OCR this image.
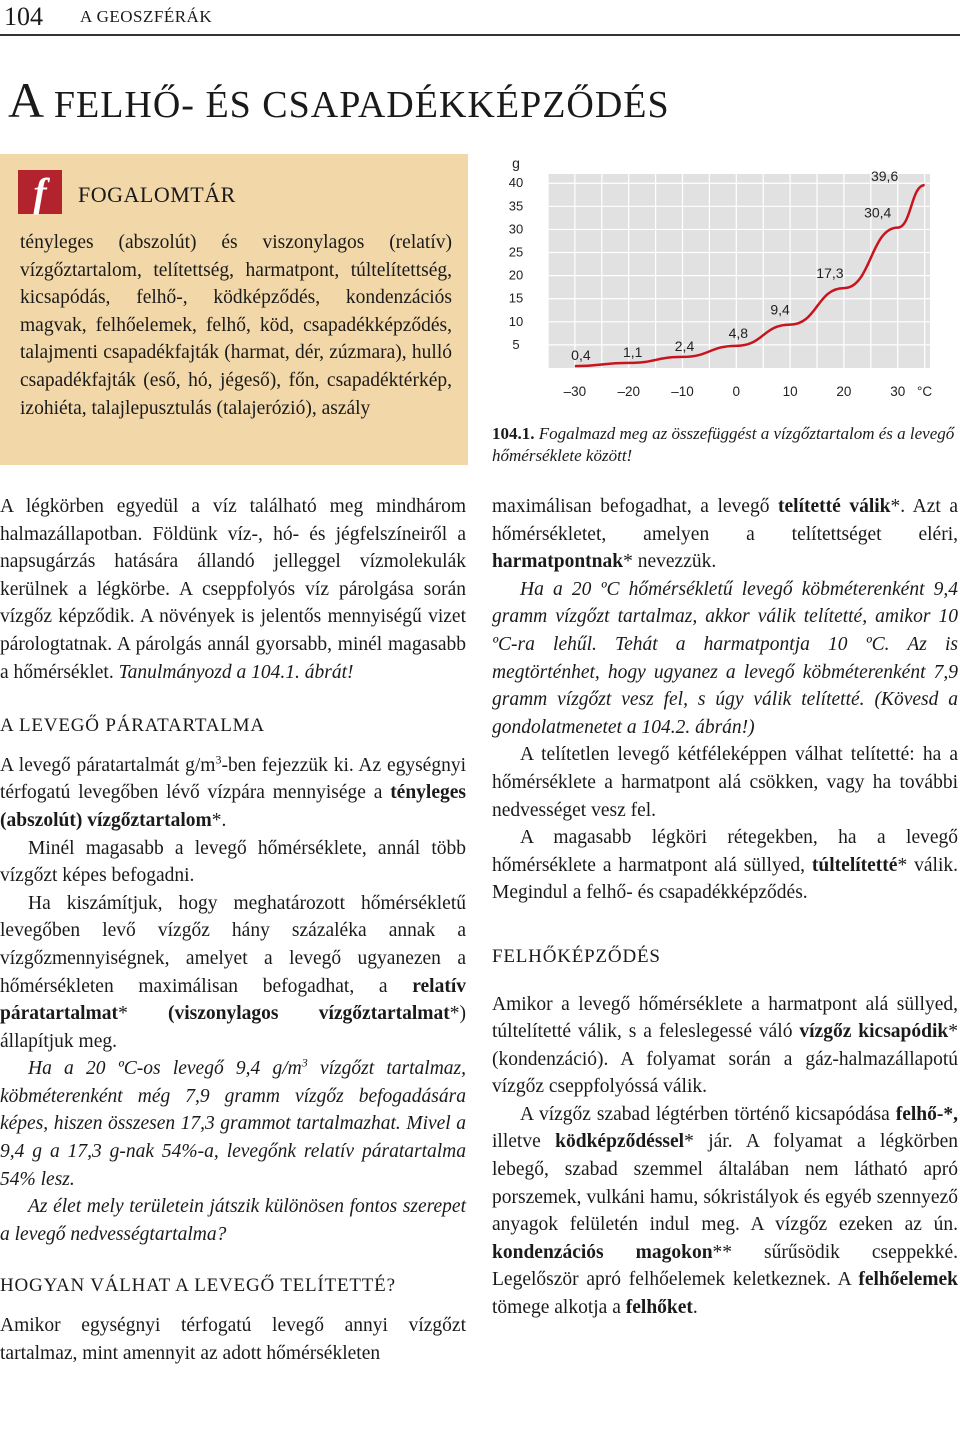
104 A GEOSZFÉRÁK
A FELHŐ- ÉS CSAPADÉKKÉPZŐDÉS
f	FOGALOMTÁR
tényleges (abszolút) és viszonylagos (relatív) vízgőztartalom, telítettség, harmatpont, túltelítettség, kicsapódás, felhő-, ködképződés, kondenzációs magvak, felhőelemek, felhő, köd, csapadékképződés, talajmenti csapadékfajták (harmat, dér, zúzmara), hulló csapadékfajták (eső, hó, jégeső), főn, csapadéktérkép, izohiéta, talajlepusztulás (talajerózió), aszály
5
10
15
20
25
30
35
40
g
–30 –20 –10	0	10	20	30 °C
0,4 1,1 2,4
4,8
9,4
17,3
30,4
39,6
104.1. Fogalmazd meg az összefüggést a vízgőztartalom és a levegő hőmérséklete között!

A légkörben egyedül a víz található meg mindhárom halmazállapotban. Földünk víz-, hó- és jégfelszíneiről a napsugárzás hatására állandó jelleggel vízmolekulák kerülnek a légkörbe. A cseppfolyós víz párolgása során vízgőz képződik. A növények is jelentős mennyiségű vizet párologtatnak. A párolgás annál gyorsabb, minél magasabb a hőmérséklet. Tanulmányozd a 104.1. ábrát!

A LEVEGŐ PÁRATARTALMA

A levegő páratartalmát $g/m^3$-ben fejezzük ki. Az egységnyi térfogatú levegőben lévő vízpára mennyisége a tényleges (abszolút) vízgőztartalom*.

Minél magasabb a levegő hőmérséklete, annál több vízgőzt képes befogadni.

Ha kiszámítjuk, hogy meghatározott hőmérsékletű levegőben levő vízgőz hány százaléka annak a vízgőzmennyiségnek, amelyet a levegő ugyanezen a hőmérsékleten maximálisan befogadhat, a relatív páratartalmat* (viszonylagos vízgőztartalmat*) állapítjuk meg.

Ha a 20 ºC-os levegő 9,4 $g/m^3$ vízgőzt tartalmaz, köbméterenként még 7,9 gramm vízgőz befogadására képes, hiszen összesen 17,3 grammot tartalmazhat. Mivel a 9,4 g a 17,3 g-nak 54%-a, levegőnk relatív páratartalma 54% lesz.

Az élet mely területein játszik különösen fontos szerepet a levegő nedvességtartalma?

HOGYAN VÁLHAT A LEVEGŐ TELÍTETTÉ?

Amikor egységnyi térfogatú levegő annyi vízgőzt tartalmaz, mint amennyit az adott hőmérsékleten

maximálisan befogadhat, a levegő telítetté válik*. Azt a hőmérsékletet, amelyen a telítettséget eléri, harmatpontnak* nevezzük.

Ha a 20 ºC hőmérsékletű levegő köbméterenként 9,4 gramm vízgőzt tartalmaz, akkor válik telítetté, amikor 10 ºC-ra lehűl. Tehát a harmatpontja 10 ºC. Az is megtörténhet, hogy ugyanez a levegő köbméterenként 7,9 gramm vízgőzt vesz fel, s úgy válik telítetté. (Kövesd a gondolatmenetet a 104.2. ábrán!)

A telítetlen levegő kétféleképpen válhat telítetté: ha a hőmérséklete a harmatpont alá csökken, vagy ha további nedvességet vesz fel.

A magasabb légköri rétegekben, ha a levegő hőmérséklete a harmatpont alá süllyed, túltelítetté* válik. Megindul a felhő- és csapadékképződés.

FELHŐKÉPZŐDÉS

Amikor a levegő hőmérséklete a harmatpont alá süllyed, túltelítetté válik, s a feleslegessé váló vízgőz kicsapódik* (kondenzáció). A folyamat során a gáz-halmazállapotú vízgőz cseppfolyóssá válik.

A vízgőz szabad légtérben történő kicsapódása felhő-*, illetve ködképződéssel* jár. A folyamat a légkörben lebegő, szabad szemmel általában nem látható apró porszemek, vulkáni hamu, sókristályok és egyéb szennyező anyagok felületén indul meg. A vízgőz ezeken az ún. kondenzációs magokon** sűrűsödik cseppekké. Legelőször apró felhőelemek keletkeznek. A felhőelemek tömege alkotja a felhőket.
